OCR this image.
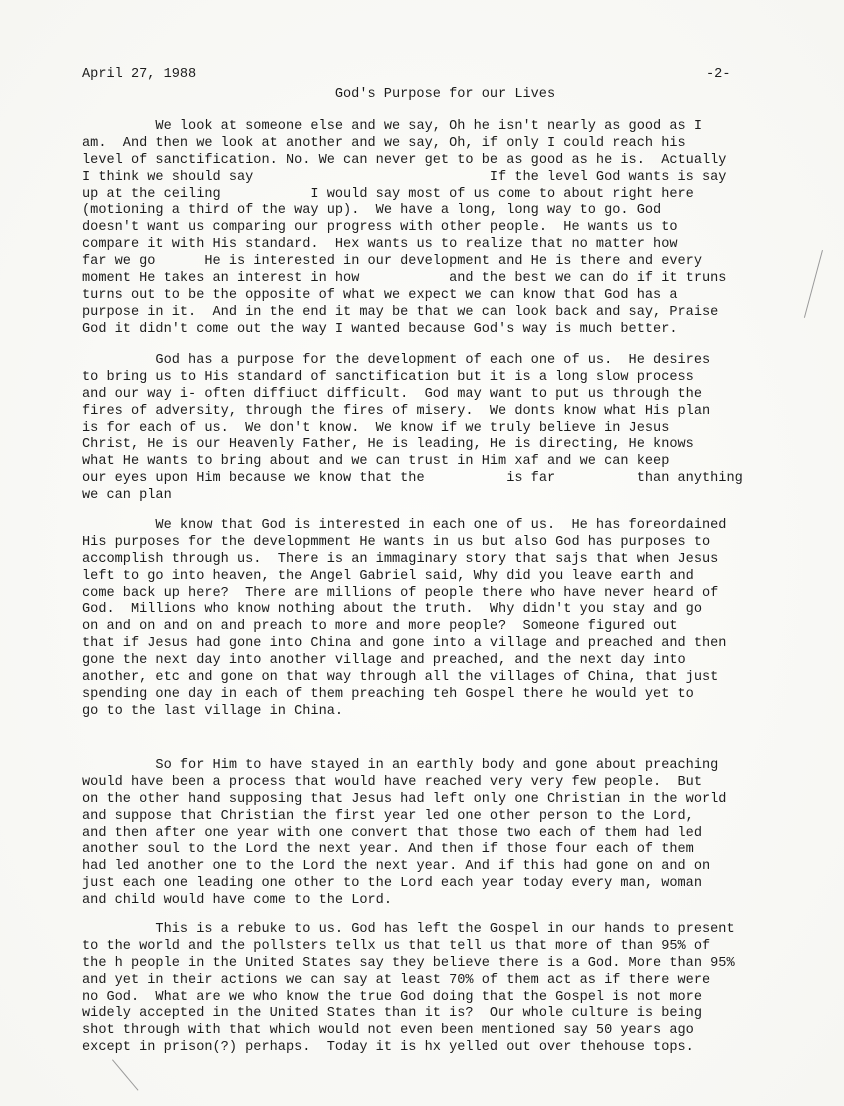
April 27, 1988	-2-
God's Purpose for our Lives
We look at someone else and we say, Oh he isn't nearly as good as I
am.  And then we look at another and we say, Oh, if only I could reach his
level of sanctification. No. We can never get to be as good as he is.  Actually
I think we should say                             If the level God wants is say
up at the ceiling           I would say most of us come to about right here
(motioning a third of the way up).  We have a long, long way to go. God
doesn't want us comparing our progress with other people.  He wants us to
compare it with His standard.  Hex wants us to realize that no matter how
far we go      He is interested in our development and He is there and every
moment He takes an interest in how           and the best we can do if it truns
turns out to be the opposite of what we expect we can know that God has a
purpose in it.  And in the end it may be that we can look back and say, Praise
God it didn't come out the way I wanted because God's way is much better.
God has a purpose for the development of each one of us.  He desires
to bring us to His standard of sanctification but it is a long slow process
and our way i- often diffiuct difficult.  God may want to put us through the
fires of adversity, through the fires of misery.  We donts know what His plan
is for each of us.  We don't know.  We know if we truly believe in Jesus
Christ, He is our Heavenly Father, He is leading, He is directing, He knows
what He wants to bring about and we can trust in Him xaf and we can keep
our eyes upon Him because we know that the          is far          than anything
we can plan
We know that God is interested in each one of us.  He has foreordained
His purposes for the developmment He wants in us but also God has purposes to
accomplish through us.  There is an immaginary story that sajs that when Jesus
left to go into heaven, the Angel Gabriel said, Why did you leave earth and
come back up here?  There are millions of people there who have never heard of
God.  Millions who know nothing about the truth.  Why didn't you stay and go
on and on and on and preach to more and more people?  Someone figured out
that if Jesus had gone into China and gone into a village and preached and then
gone the next day into another village and preached, and the next day into
another, etc and gone on that way through all the villages of China, that just
spending one day in each of them preaching teh Gospel there he would yet to
go to the last village in China.
So for Him to have stayed in an earthly body and gone about preaching
would have been a process that would have reached very very few people.  But
on the other hand supposing that Jesus had left only one Christian in the world
and suppose that Christian the first year led one other person to the Lord,
and then after one year with one convert that those two each of them had led
another soul to the Lord the next year. And then if those four each of them
had led another one to the Lord the next year. And if this had gone on and on
just each one leading one other to the Lord each year today every man, woman
and child would have come to the Lord.
This is a rebuke to us. God has left the Gospel in our hands to present
to the world and the pollsters tellx us that tell us that more of than 95% of
the h people in the United States say they believe there is a God. More than 95%
and yet in their actions we can say at least 70% of them act as if there were
no God.  What are we who know the true God doing that the Gospel is not more
widely accepted in the United States than it is?  Our whole culture is being
shot through with that which would not even been mentioned say 50 years ago
except in prison(?) perhaps.  Today it is hx yelled out over thehouse tops.
